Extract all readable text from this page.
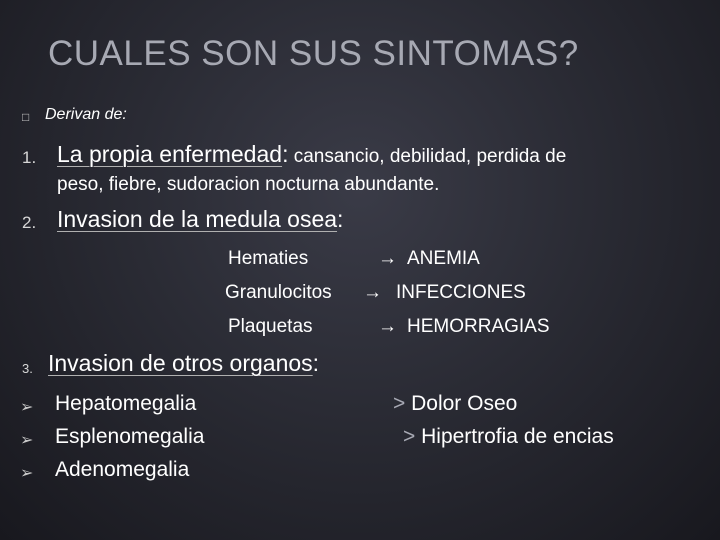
CUALES SON SUS SINTOMAS?
□ Derivan de:
1. La propia enfermedad: cansancio, debilidad, perdida de
peso, fiebre, sudoracion nocturna abundante.
2. Invasion de la medula osea:
Hematies	→ ANEMIA
Granulocitos → INFECCIONES
Plaquetas	→ HEMORRAGIAS
3. Invasion de otros organos:
➢ Hepatomegalia
➢ Esplenomegalia
➢ Adenomegalia
> Dolor Oseo
> Hipertrofia de encias
